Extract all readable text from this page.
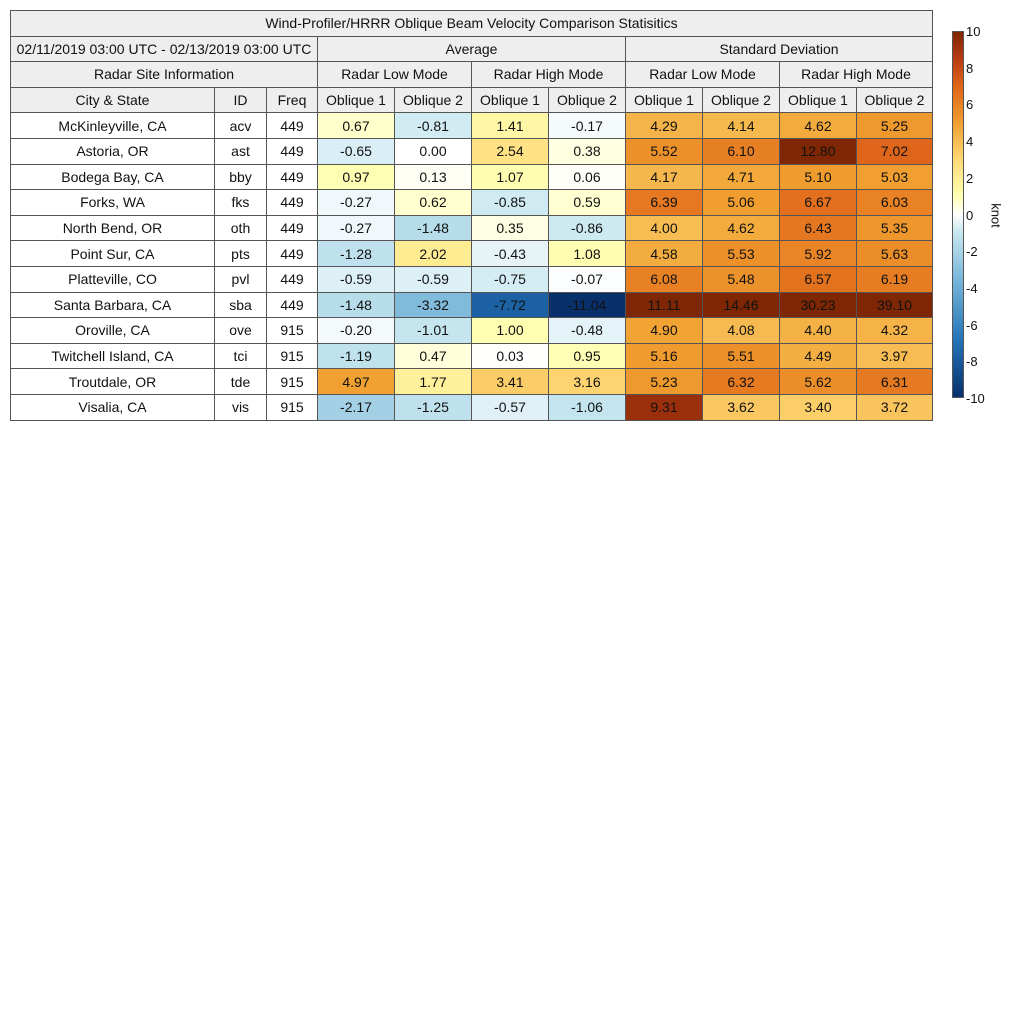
Wind-Profiler/HRRR Oblique Beam Velocity Comparison Statisitics										
02/11/2019 03:00 UTC - 02/13/2019 03:00 UTC			Average				Standard Deviation			
Radar Site Information			Radar Low Mode		Radar High Mode		Radar Low Mode		Radar High Mode	
City & State	ID	Freq	Oblique 1	Oblique 2	Oblique 1	Oblique 2	Oblique 1	Oblique 2	Oblique 1	Oblique 2
McKinleyville, CA	acv	449	0.67	-0.81	1.41	-0.17	4.29	4.14	4.62	5.25
Astoria, OR	ast	449	-0.65	0.00	2.54	0.38	5.52	6.10	12.80	7.02
Bodega Bay, CA	bby	449	0.97	0.13	1.07	0.06	4.17	4.71	5.10	5.03
Forks, WA	fks	449	-0.27	0.62	-0.85	0.59	6.39	5.06	6.67	6.03
North Bend, OR	oth	449	-0.27	-1.48	0.35	-0.86	4.00	4.62	6.43	5.35
Point Sur, CA	pts	449	-1.28	2.02	-0.43	1.08	4.58	5.53	5.92	5.63
Platteville, CO	pvl	449	-0.59	-0.59	-0.75	-0.07	6.08	5.48	6.57	6.19
Santa Barbara, CA	sba	449	-1.48	-3.32	-7.72	-11.04	11.11	14.46	30.23	39.10
Oroville, CA	ove	915	-0.20	-1.01	1.00	-0.48	4.90	4.08	4.40	4.32
Twitchell Island, CA	tci	915	-1.19	0.47	0.03	0.95	5.16	5.51	4.49	3.97
Troutdale, OR	tde	915	4.97	1.77	3.41	3.16	5.23	6.32	5.62	6.31
Visalia, CA	vis	915	-2.17	-1.25	-0.57	-1.06	9.31	3.62	3.40	3.72
10
8
6
4
2
0
-2
-4
-6
-8
-10
knot
